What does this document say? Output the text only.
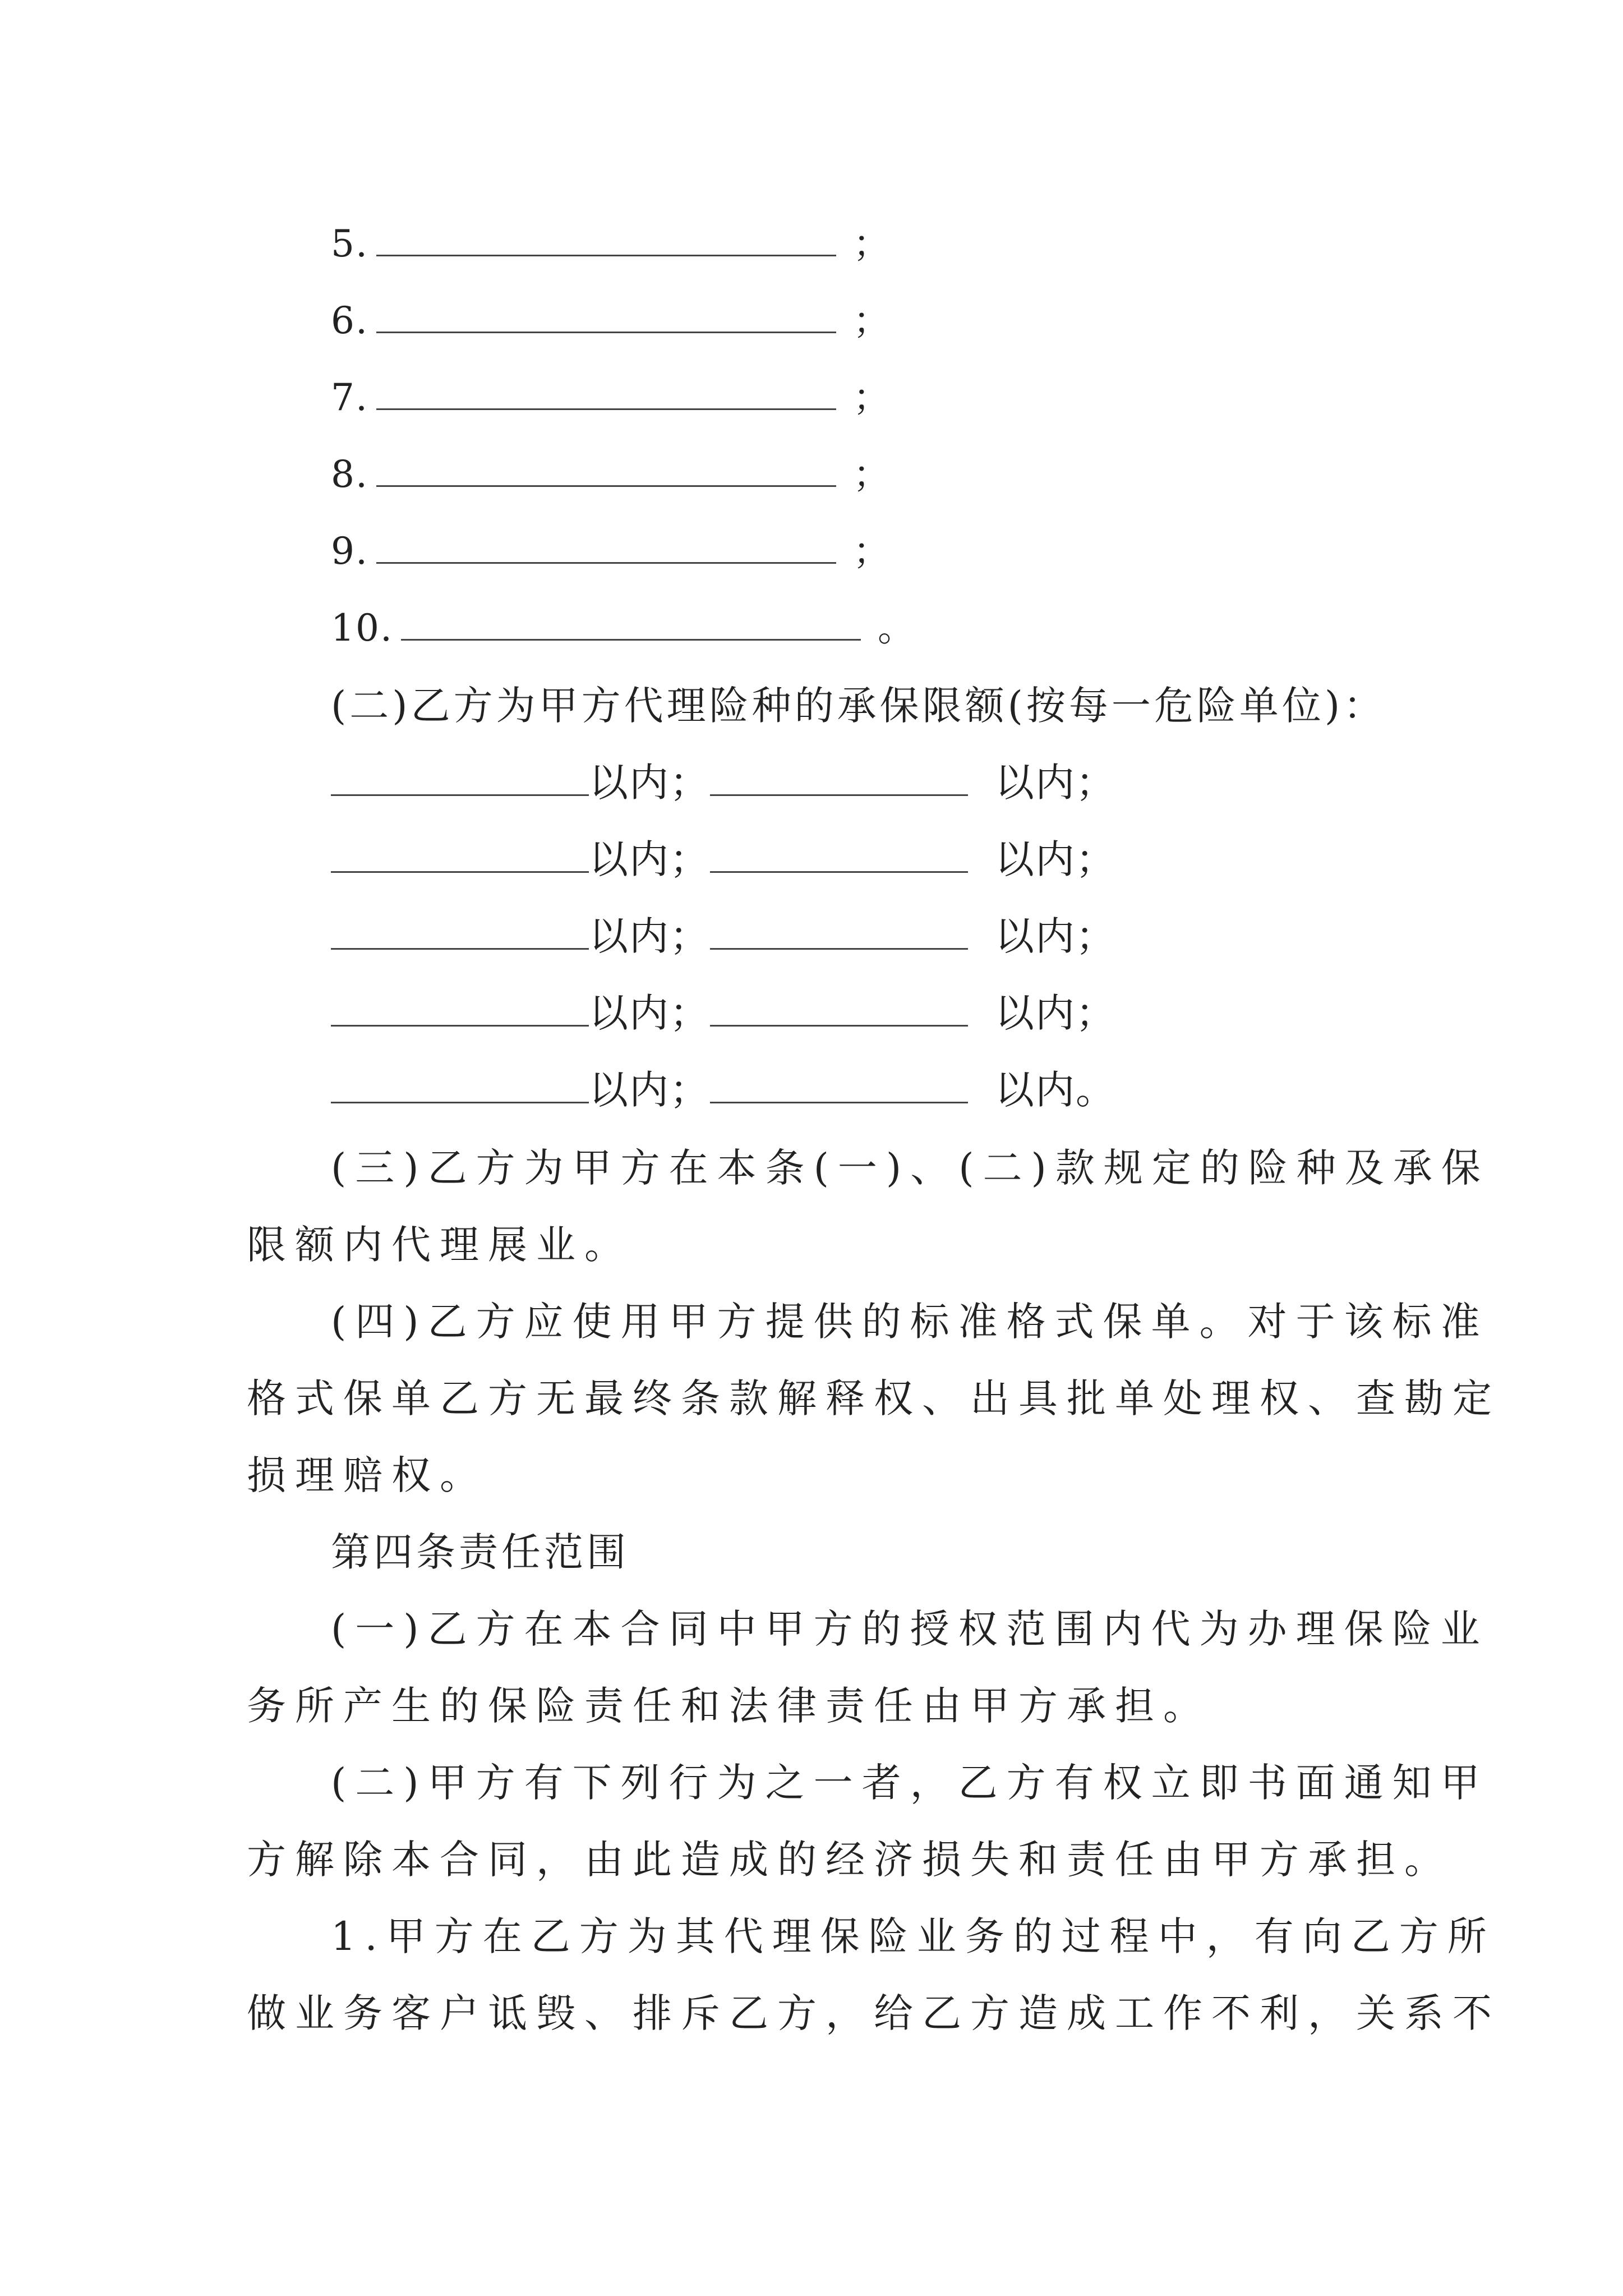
5.	；
6.	；
7.	；
8.	；
9.	；
10.	。
(二)乙方为甲方代理险种的承保限额(按每一危险单位)：
以内；	以内；
以内；	以内；
以内；	以内；
以内；	以内；
以内；	以内。
(三)乙方为甲方在本条(一)、(二)款规定的险种及承保
限额内代理展业。
(四)乙方应使用甲方提供的标准格式保单。对于该标准
格式保单乙方无最终条款解释权、出具批单处理权、查勘定
损理赔权。
第四条责任范围
(一)乙方在本合同中甲方的授权范围内代为办理保险业
务所产生的保险责任和法律责任由甲方承担。
(二)甲方有下列行为之一者，乙方有权立即书面通知甲
方解除本合同，由此造成的经济损失和责任由甲方承担。
1.甲方在乙方为其代理保险业务的过程中，有向乙方所
做业务客户诋毁、排斥乙方，给乙方造成工作不利，关系不
